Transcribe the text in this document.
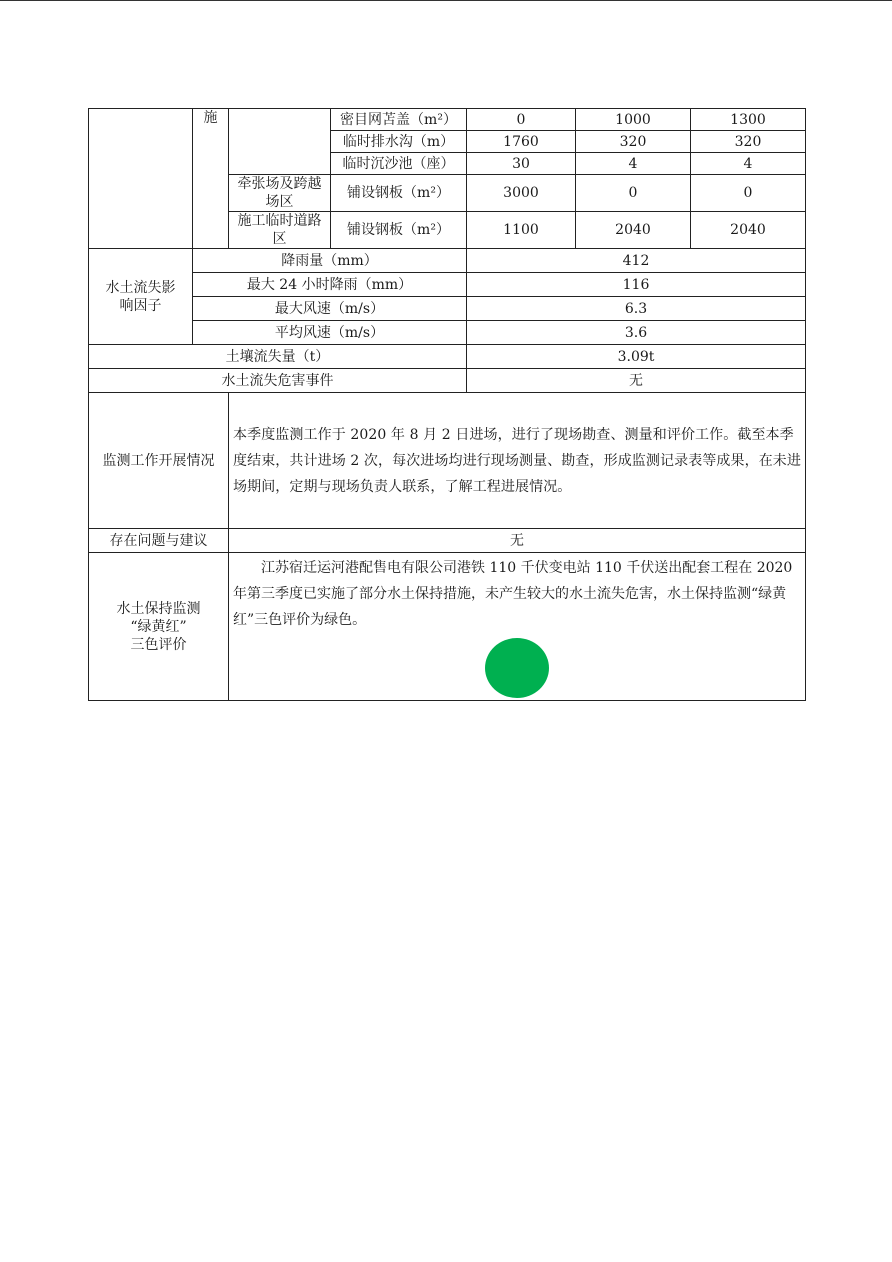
	施		密目网苫盖（m²）	0	1000	1300
			临时排水沟（m）	1760	320	320
			临时沉沙池（座）	30	4	4
		牵张场及跨越场区	铺设钢板（m²）	3000	0	0
		施工临时道路区	铺设钢板（m²）	1100	2040	2040
水土流失影响因子	降雨量（mm）			412		
	最大 24 小时降雨（mm）			116		
	最大风速（m/s）			6.3		
	平均风速（m/s）			3.6		
土壤流失量（t）				3.09t		
水土流失危害事件				无		
监测工作开展情况		本季度监测工作于 2020 年 8 月 2 日进场，进行了现场勘查、测量和评价工作。截至本季度结束，共计进场 2 次，每次进场均进行现场测量、勘查，形成监测记录表等成果，在未进场期间，定期与现场负责人联系，了解工程进展情况。				
存在问题与建议		无				

水土保持监测
“绿黄红”
三色评价		江苏宿迁运河港配售电有限公司港铁 110 千伏变电站 110 千伏送出配套工程在 2020 年第三季度已实施了部分水土保持措施，未产生较大的水土流失危害，水土保持监测“绿黄红”三色评价为绿色。				
